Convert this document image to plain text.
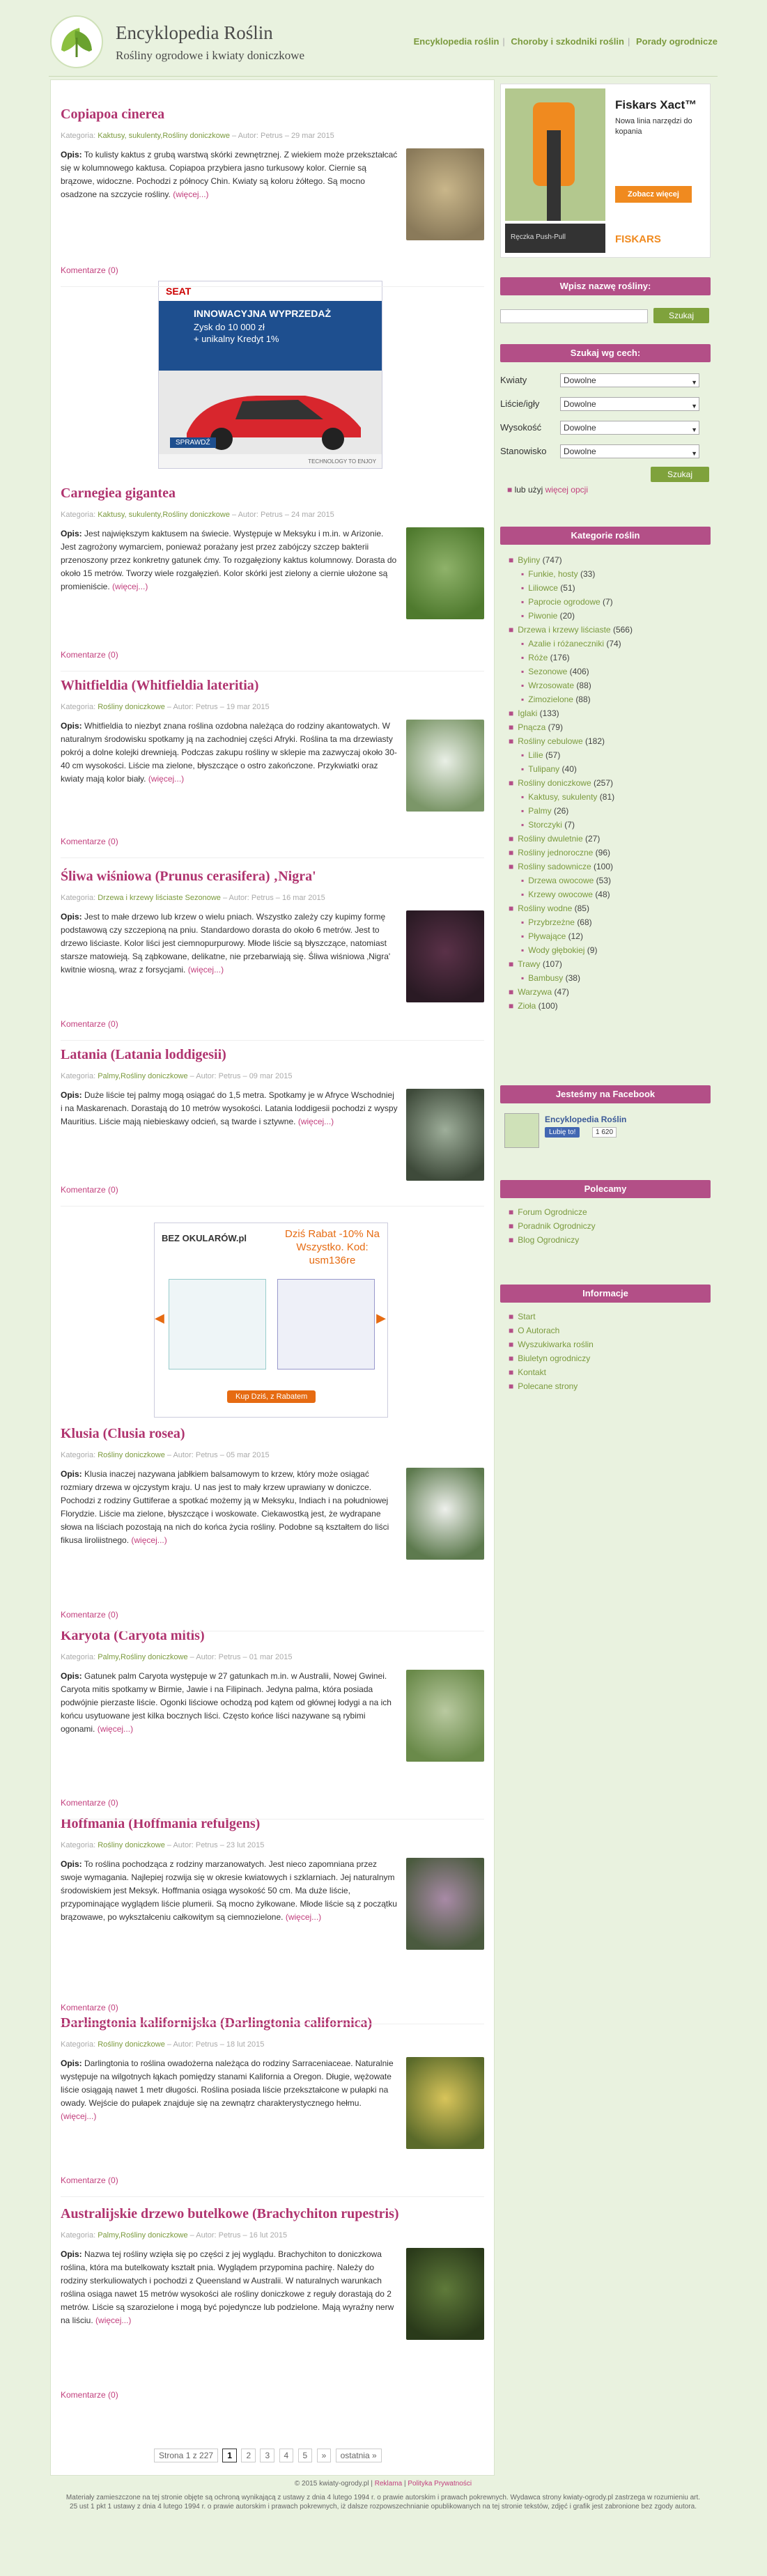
Encyklopedia Roślin
Rośliny ogrodowe i kwiaty doniczkowe
Encyklopedia roślin | Choroby i szkodniki roślin | Porady ogrodnicze
Copiapoa cinerea
Kategoria: Kaktusy, sukulenty,Rośliny doniczkowe – Autor: Petrus – 29 mar 2015
Opis: To kulisty kaktus z grubą warstwą skórki zewnętrznej. Z wiekiem może przekształcać się w kolumnowego kaktusa. Copiapoa przybiera jasno turkusowy kolor. Ciernie są brązowe, widoczne. Pochodzi z północy Chin. Kwiaty są koloru żółtego. Są mocno osadzone na szczycie rośliny. (więcej...)
Komentarze (0)
Carnegiea gigantea
Kategoria: Kaktusy, sukulenty,Rośliny doniczkowe – Autor: Petrus – 24 mar 2015
Opis: Jest największym kaktusem na świecie. Występuje w Meksyku i m.in. w Arizonie. Jest zagrożony wymarciem, ponieważ porażany jest przez zabójczy szczep bakterii przenoszony przez konkretny gatunek ćmy. To rozgałęziony kaktus kolumnowy. Dorasta do około 15 metrów. Tworzy wiele rozgałęzień. Kolor skórki jest zielony a ciernie ułożone są promieniście. (więcej...)
Komentarze (0)
Whitfieldia (Whitfieldia lateritia)
Kategoria: Rośliny doniczkowe – Autor: Petrus – 19 mar 2015
Opis: Whitfieldia to niezbyt znana roślina ozdobna należąca do rodziny akantowatych. W naturalnym środowisku spotkamy ją na zachodniej części Afryki. Roślina ta ma drzewiasty pokrój a dolne kolejki drewnieją. Podczas zakupu rośliny w sklepie ma zazwyczaj około 30-40 cm wysokości. Liście ma zielone, błyszczące o ostro zakończone. Przykwiatki oraz kwiaty mają kolor biały. (więcej...)
Komentarze (0)
Śliwa wiśniowa (Prunus cerasifera) ‚Nigra'
Kategoria: Drzewa i krzewy liściaste Sezonowe – Autor: Petrus – 16 mar 2015
Opis: Jest to małe drzewo lub krzew o wielu pniach. Wszystko zależy czy kupimy formę podstawową czy szczepioną na pniu. Standardowo dorasta do około 6 metrów. Jest to drzewo liściaste. Kolor liści jest ciemnopurpurowy. Młode liście są błyszczące, natomiast starsze matowieją. Są ząbkowane, delikatne, nie przebarwiają się. Śliwa wiśniowa ‚Nigra' kwitnie wiosną, wraz z forsycjami. (więcej...)
Komentarze (0)
Latania (Latania loddigesii)
Kategoria: Palmy,Rośliny doniczkowe – Autor: Petrus – 09 mar 2015
Opis: Duże liście tej palmy mogą osiągać do 1,5 metra. Spotkamy je w Afryce Wschodniej i na Maskarenach. Dorastają do 10 metrów wysokości. Latania loddigesii pochodzi z wyspy Mauritius. Liście mają niebieskawy odcień, są twarde i sztywne. (więcej...)
Komentarze (0)
Klusia (Clusia rosea)
Kategoria: Rośliny doniczkowe – Autor: Petrus – 05 mar 2015
Opis: Klusia inaczej nazywana jabłkiem balsamowym to krzew, który może osiągać rozmiary drzewa w ojczystym kraju. U nas jest to mały krzew uprawiany w doniczce. Pochodzi z rodziny Guttiferae a spotkać możemy ją w Meksyku, Indiach i na południowej Florydzie. Liście ma zielone, błyszczące i woskowate. Ciekawostką jest, że wydrapane słowa na liściach pozostają na nich do końca życia rośliny. Podobne są kształtem do liści fikusa liroliistnego. (więcej...)
Komentarze (0)
Karyota (Caryota mitis)
Kategoria: Palmy,Rośliny doniczkowe – Autor: Petrus – 01 mar 2015
Opis: Gatunek palm Caryota występuje w 27 gatunkach m.in. w Australii, Nowej Gwinei. Caryota mitis spotkamy w Birmie, Jawie i na Filipinach. Jedyna palma, która posiada podwójnie pierzaste liście. Ogonki liściowe ochodzą pod kątem od głównej łodygi a na ich końcu usytuowane jest kilka bocznych liści. Często końce liści nazywane są rybimi ogonami. (więcej...)
Komentarze (0)
Hoffmania (Hoffmania refulgens)
Kategoria: Rośliny doniczkowe – Autor: Petrus – 23 lut 2015
Opis: To roślina pochodząca z rodziny marzanowatych. Jest nieco zapomniana przez swoje wymagania. Najlepiej rozwija się w okresie kwiatowych i szklarniach. Jej naturalnym środowiskiem jest Meksyk. Hoffmania osiąga wysokość 50 cm. Ma duże liście, przypominające wyglądem liście plumerii. Są mocno żyłkowane. Młode liście są z początku brązowawe, po wykształceniu całkowitym są ciemnozielone. (więcej...)
Komentarze (0)
Darlingtonia kalifornijska (Darlingtonia californica)
Kategoria: Rośliny doniczkowe – Autor: Petrus – 18 lut 2015
Opis: Darlingtonia to roślina owadożerna należąca do rodziny Sarraceniaceae. Naturalnie występuje na wilgotnych łąkach pomiędzy stanami Kalifornia a Oregon. Długie, wężowate liście osiągają nawet 1 metr długości. Roślina posiada liście przekształcone w pułapki na owady. Wejście do pułapek znajduje się na zewnątrz charakterystycznego hełmu. (więcej...)
Komentarze (0)
Australijskie drzewo butelkowe (Brachychiton rupestris)
Kategoria: Palmy,Rośliny doniczkowe – Autor: Petrus – 16 lut 2015
Opis: Nazwa tej rośliny wzięła się po części z jej wyglądu. Brachychiton to doniczkowa roślina, która ma butelkowaty kształt pnia. Wyglądem przypomina pachirę. Należy do rodziny sterkuliowatych i pochodzi z Queensland w Australii. W naturalnych warunkach roślina osiąga nawet 15 metrów wysokości ale rośliny doniczkowe z reguły dorastają do 2 metrów. Liście są szarozielone i mogą być pojedyncze lub podzielone. Mają wyraźny nerw na liściu. (więcej...)
Komentarze (0)
SEAT
INNOWACYJNA WYPRZEDAŻ
Zysk do 10 000 zł
+ unikalny Kredyt 1%
SPRAWDŹ
TECHNOLOGY TO ENJOY
BEZ OKULARÓW.pl	Dziś Rabat -10% Na
Wszystko. Kod:
usm136re
◀	▶
Kup Dziś, z Rabatem
Strona 1 z 227 1 2 3 4 5 » ostatnia »
Fiskars Xact™
Nowa linia narzędzi do kopania
Zobacz więcej
Ręczka Push-Pull	FISKARS
Wpisz nazwę rośliny:
Szukaj
Szukaj wg cech:
Kwiaty	Dowolne	▼
Liście/igły	Dowolne	▼
Wysokość	Dowolne	▼
Stanowisko	Dowolne	▼
Szukaj
■ lub użyj więcej opcji
Kategorie roślin
■ Byliny (747)
▪ Funkie, hosty (33)
▪ Liliowce (51)
▪ Paprocie ogrodowe (7)
▪ Piwonie (20)
■ Drzewa i krzewy liściaste (566)
▪ Azalie i różaneczniki (74)
▪ Róże (176)
▪ Sezonowe (406)
▪ Wrzosowate (88)
▪ Zimozielone (88)
■ Iglaki (133)
■ Pnącza (79)
■ Rośliny cebulowe (182)
▪ Lilie (57)
▪ Tulipany (40)
■ Rośliny doniczkowe (257)
▪ Kaktusy, sukulenty (81)
▪ Palmy (26)
▪ Storczyki (7)
■ Rośliny dwuletnie (27)
■ Rośliny jednoroczne (96)
■ Rośliny sadownicze (100)
▪ Drzewa owocowe (53)
▪ Krzewy owocowe (48)
■ Rośliny wodne (85)
▪ Przybrzeżne (68)
▪ Pływające (12)
▪ Wody głębokiej (9)
■ Trawy (107)
▪ Bambusy (38)
■ Warzywa (47)
■ Zioła (100)
Jesteśmy na Facebook
Encyklopedia Roślin
Lubię to!	1 620
Polecamy
■ Forum Ogrodnicze
■ Poradnik Ogrodniczy
■ Blog Ogrodniczy
Informacje
■ Start
■ O Autorach
■ Wyszukiwarka roślin
■ Biuletyn ogrodniczy
■ Kontakt
■ Polecane strony
© 2015 kwiaty-ogrody.pl | Reklama | Polityka Prywatności
Materiały zamieszczone na tej stronie objęte są ochroną wynikającą z ustawy z dnia 4 lutego 1994 r. o prawie autorskim i prawach pokrewnych. Wydawca strony kwiaty-ogrody.pl zastrzega w rozumieniu art. 25 ust 1 pkt 1 ustawy z dnia 4 lutego 1994 r. o prawie autorskim i prawach pokrewnych, iż dalsze rozpowszechnianie opublikowanych na tej stronie tekstów, zdjęć i grafik jest zabronione bez zgody autora.
